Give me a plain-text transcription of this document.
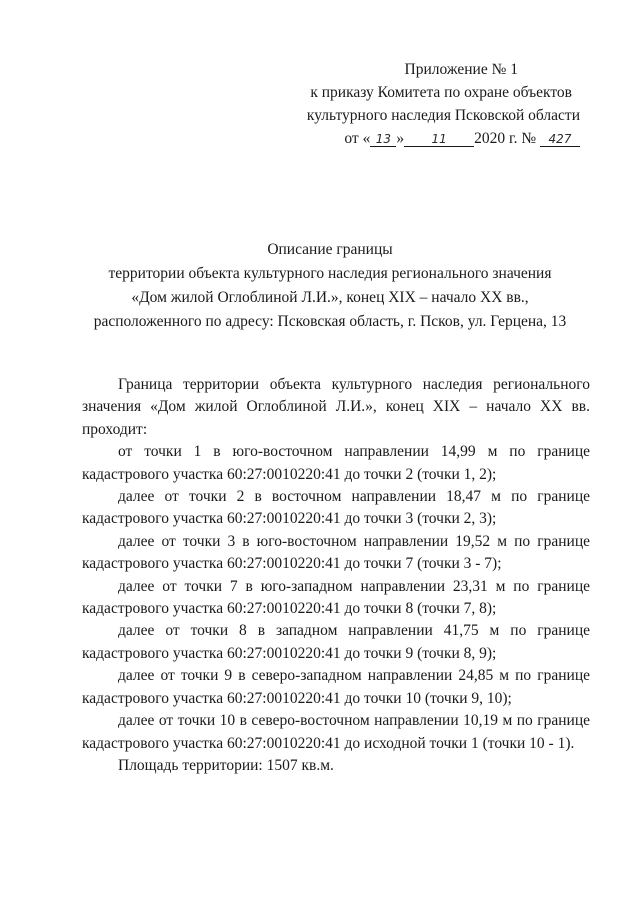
Приложение № 1
к приказу Комитета по охране объектов
культурного наследия Псковской области
от « 13 » 11 2020 г. № 427
Описание границы
территории объекта культурного наследия регионального значения
«Дом жилой Оглоблиной Л.И.», конец XIX – начало XX вв.,
расположенного по адресу: Псковская область, г. Псков, ул. Герцена, 13

Граница территории объекта культурного наследия регионального значения «Дом жилой Оглоблиной Л.И.», конец XIX – начало XX вв. проходит:

от точки 1 в юго-восточном направлении 14,99 м по границе кадастрового участка 60:27:0010220:41 до точки 2 (точки 1, 2);

далее от точки 2 в восточном направлении 18,47 м по границе кадастрового участка 60:27:0010220:41 до точки 3 (точки 2, 3);

далее от точки 3 в юго-восточном направлении 19,52 м по границе кадастрового участка 60:27:0010220:41 до точки 7 (точки 3 - 7);

далее от точки 7 в юго-западном направлении 23,31 м по границе кадастрового участка 60:27:0010220:41 до точки 8 (точки 7, 8);

далее от точки 8 в западном направлении 41,75 м по границе кадастрового участка 60:27:0010220:41 до точки 9 (точки 8, 9);

далее от точки 9 в северо-западном направлении 24,85 м по границе кадастрового участка 60:27:0010220:41 до точки 10 (точки 9, 10);

далее от точки 10 в северо-восточном направлении 10,19 м по границе кадастрового участка 60:27:0010220:41 до исходной точки 1 (точки 10 - 1).

Площадь территории: 1507 кв.м.
